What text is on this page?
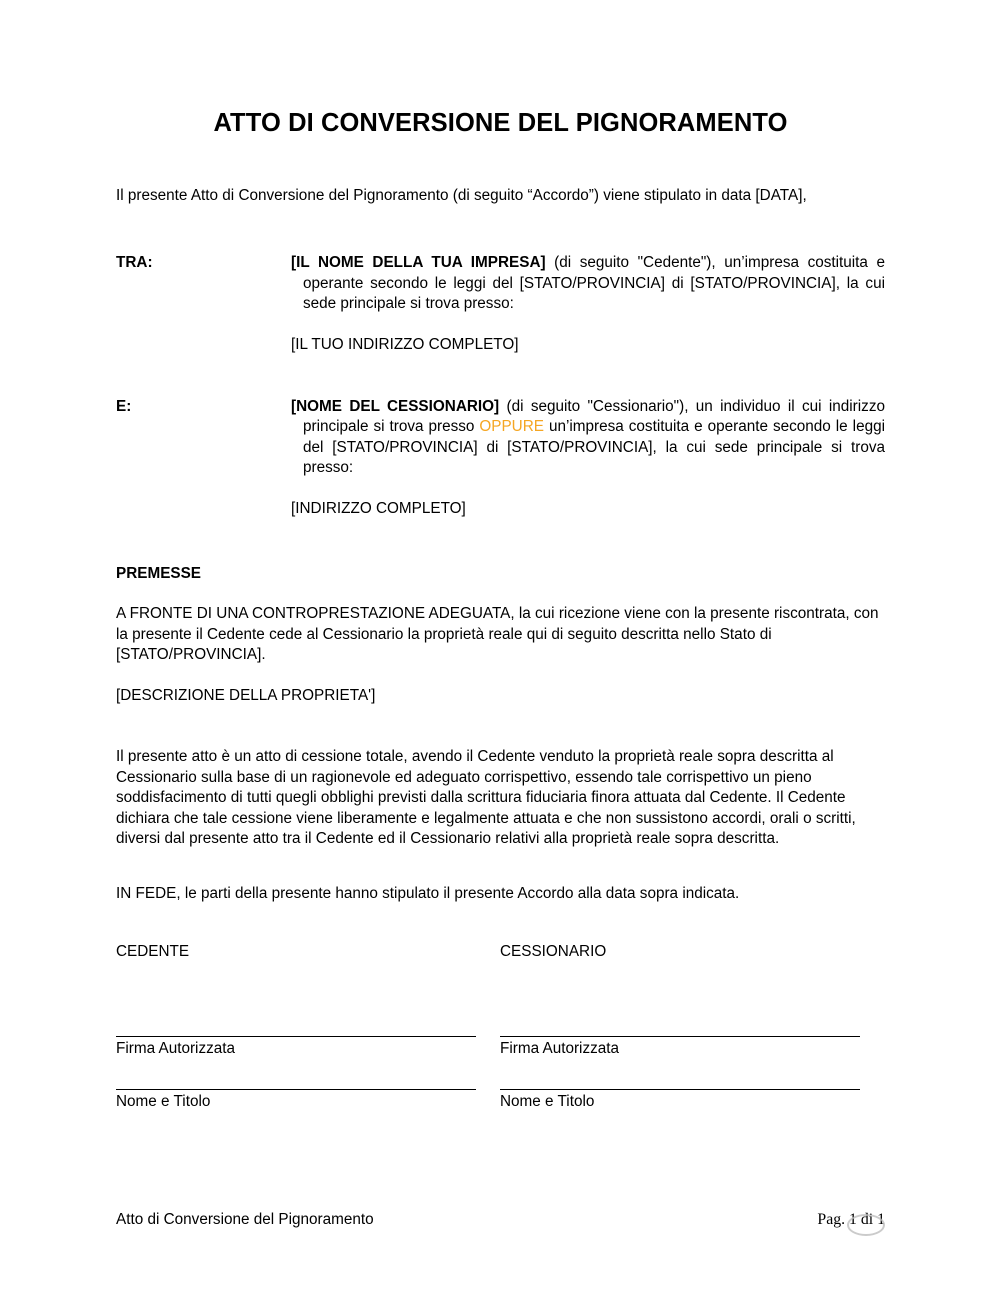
ATTO DI CONVERSIONE DEL PIGNORAMENTO

Il presente Atto di Conversione del Pignoramento (di seguito “Accordo”) viene stipulato in data [DATA],

TRA:	[IL NOME DELLA TUA IMPRESA] (di seguito "Cedente"), un’impresa costituita e operante secondo le leggi del [STATO/PROVINCIA] di [STATO/PROVINCIA], la cui sede principale si trova presso:

[IL TUO INDIRIZZO COMPLETO]

E:	[NOME DEL CESSIONARIO] (di seguito "Cessionario"), un individuo il cui indirizzo principale si trova presso OPPURE un’impresa costituita e operante secondo le leggi del [STATO/PROVINCIA] di [STATO/PROVINCIA], la cui sede principale si trova presso:

[INDIRIZZO COMPLETO]

PREMESSE

A FRONTE DI UNA CONTROPRESTAZIONE ADEGUATA, la cui ricezione viene con la presente riscontrata, con la presente il Cedente cede al Cessionario la proprietà reale qui di seguito descritta nello Stato di [STATO/PROVINCIA].

[DESCRIZIONE DELLA PROPRIETA']

Il presente atto è un atto di cessione totale, avendo il Cedente venduto la proprietà reale sopra descritta al Cessionario sulla base di un ragionevole ed adeguato corrispettivo, essendo tale corrispettivo un pieno soddisfacimento di tutti quegli obblighi previsti dalla scrittura fiduciaria finora attuata dal Cedente. Il Cedente dichiara che tale cessione viene liberamente e legalmente attuata e che non sussistono accordi, orali o scritti, diversi dal presente atto tra il Cedente ed il Cessionario relativi alla proprietà reale sopra descritta.

IN FEDE, le parti della presente hanno stipulato il presente Accordo alla data sopra indicata.

CEDENTE	CESSIONARIO
Firma Autorizzata	Firma Autorizzata
Nome e Titolo	Nome e Titolo
Atto di Conversione del Pignoramento	Pag. 1 di 1
